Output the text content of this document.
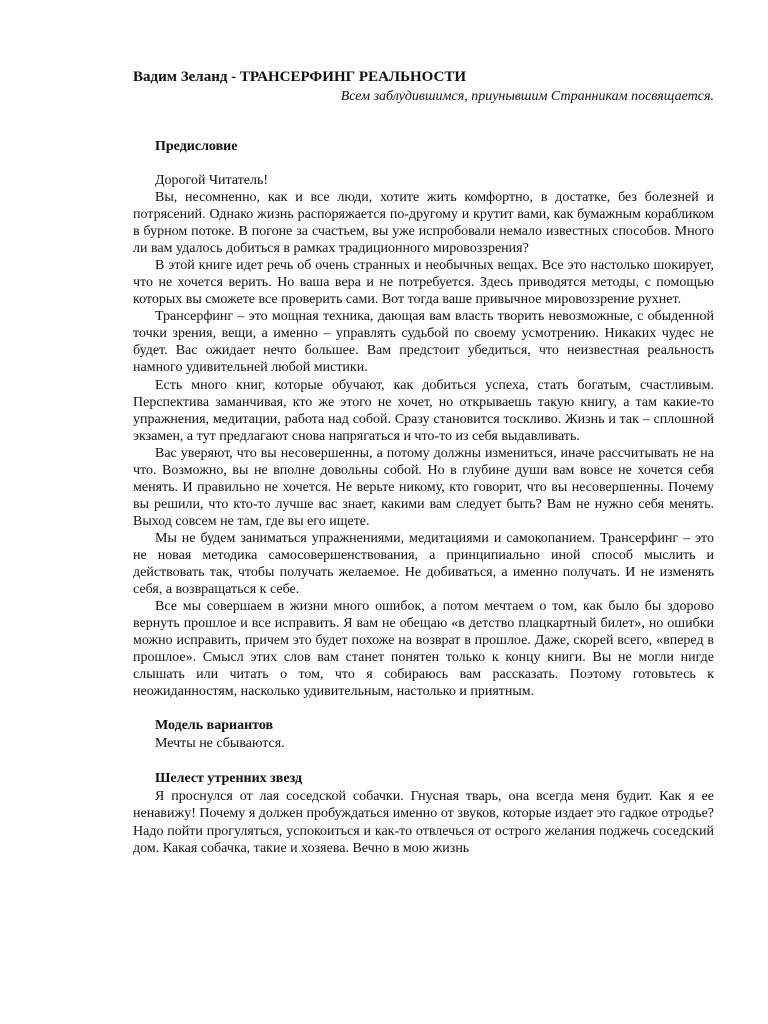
Вадим Зеланд - ТРАНСЕРФИНГ РЕАЛЬНОСТИ
Всем заблудившимся, приунывшим Странникам посвящается.
Предисловие
Дорогой Читатель!

Вы, несомненно, как и все люди, хотите жить комфортно, в достатке, без болезней и потрясений. Однако жизнь распоряжается по-другому и крутит вами, как бумажным корабликом в бурном потоке. В погоне за счастьем, вы уже испробовали немало известных способов. Много ли вам удалось добиться в рамках традиционного мировоззрения?

В этой книге идет речь об очень странных и необычных вещах. Все это настолько шокирует, что не хочется верить. Но ваша вера и не потребуется. Здесь приводятся методы, с помощью которых вы сможете все проверить сами. Вот тогда ваше привычное мировоззрение рухнет.

Трансерфинг – это мощная техника, дающая вам власть творить невозможные, с обыденной точки зрения, вещи, а именно – управлять судьбой по своему усмотрению. Никаких чудес не будет. Вас ожидает нечто большее. Вам предстоит убедиться, что неизвестная реальность намного удивительней любой мистики.

Есть много книг, которые обучают, как добиться успеха, стать богатым, счастливым. Перспектива заманчивая, кто же этого не хочет, но открываешь такую книгу, а там какие-то упражнения, медитации, работа над собой. Сразу становится тоскливо. Жизнь и так – сплошной экзамен, а тут предлагают снова напрягаться и что-то из себя выдавливать.

Вас уверяют, что вы несовершенны, а потому должны измениться, иначе рассчитывать не на что. Возможно, вы не вполне довольны собой. Но в глубине души вам вовсе не хочется себя менять. И правильно не хочется. Не верьте никому, кто говорит, что вы несовершенны. Почему вы решили, что кто-то лучше вас знает, какими вам следует быть? Вам не нужно себя менять. Выход совсем не там, где вы его ищете.

Мы не будем заниматься упражнениями, медитациями и самокопанием. Трансерфинг – это не новая методика самосовершенствования, а принципиально иной способ мыслить и действовать так, чтобы получать желаемое. Не добиваться, а именно получать. И не изменять себя, а возвращаться к себе.

Все мы совершаем в жизни много ошибок, а потом мечтаем о том, как было бы здорово вернуть прошлое и все исправить. Я вам не обещаю «в детство плацкартный билет», но ошибки можно исправить, причем это будет похоже на возврат в прошлое. Даже, скорей всего, «вперед в прошлое». Смысл этих слов вам станет понятен только к концу книги. Вы не могли нигде слышать или читать о том, что я собираюсь вам рассказать. Поэтому готовьтесь к неожиданностям, насколько удивительным, настолько и приятным.

Модель вариантов
Мечты не сбываются.
Шелест утренних звезд

Я проснулся от лая соседской собачки. Гнусная тварь, она всегда меня будит. Как я ее ненавижу! Почему я должен пробуждаться именно от звуков, которые издает это гадкое отродье? Надо пойти прогуляться, успокоиться и как-то отвлечься от острого желания поджечь соседский дом. Какая собачка, такие и хозяева. Вечно в мою жизнь
